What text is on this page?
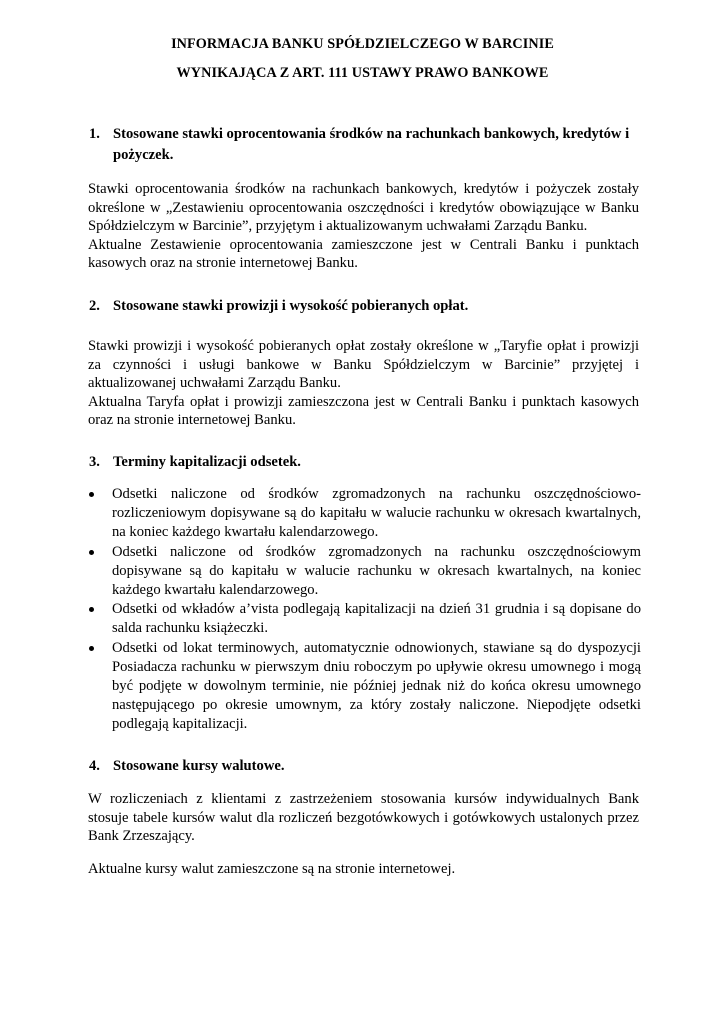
INFORMACJA BANKU SPÓŁDZIELCZEGO W BARCINIE
WYNIKAJĄCA Z ART. 111 USTAWY PRAWO BANKOWE
1. Stosowane stawki oprocentowania środków na rachunkach bankowych, kredytów i pożyczek.
Stawki oprocentowania środków na rachunkach bankowych, kredytów i pożyczek zostały określone w „Zestawieniu oprocentowania oszczędności i kredytów obowiązujące w Banku Spółdzielczym w Barcinie”, przyjętym i aktualizowanym uchwałami Zarządu Banku.
Aktualne Zestawienie oprocentowania zamieszczone jest w Centrali Banku i punktach kasowych oraz na stronie internetowej Banku.
2. Stosowane stawki prowizji i wysokość pobieranych opłat.
Stawki prowizji i wysokość pobieranych opłat zostały określone w „Taryfie opłat i prowizji za czynności i usługi bankowe w Banku Spółdzielczym w Barcinie” przyjętej i aktualizowanej uchwałami Zarządu Banku.
Aktualna Taryfa opłat i prowizji zamieszczona jest w Centrali Banku i punktach kasowych oraz na stronie internetowej Banku.
3. Terminy kapitalizacji odsetek.
Odsetki naliczone od środków zgromadzonych na rachunku oszczędnościowo-rozliczeniowym dopisywane są do kapitału w walucie rachunku w okresach kwartalnych, na koniec każdego kwartału kalendarzowego.
Odsetki naliczone od środków zgromadzonych na rachunku oszczędnościowym dopisywane są do kapitału w walucie rachunku w okresach kwartalnych, na koniec każdego kwartału kalendarzowego.
Odsetki od wkładów a’vista podlegają kapitalizacji na dzień 31 grudnia i są dopisane do salda rachunku książeczki.
Odsetki od lokat terminowych, automatycznie odnowionych, stawiane są do dyspozycji Posiadacza rachunku w pierwszym dniu roboczym po upływie okresu umownego i mogą być podjęte w dowolnym terminie, nie później jednak niż do końca okresu umownego następującego po okresie umownym, za który zostały naliczone. Niepodjęte odsetki podlegają kapitalizacji.
4. Stosowane kursy walutowe.
W rozliczeniach z klientami z zastrzeżeniem stosowania kursów indywidualnych Bank stosuje tabele kursów walut dla rozliczeń bezgotówkowych i gotówkowych ustalonych przez Bank Zrzeszający.
Aktualne kursy walut zamieszczone są na stronie internetowej.
